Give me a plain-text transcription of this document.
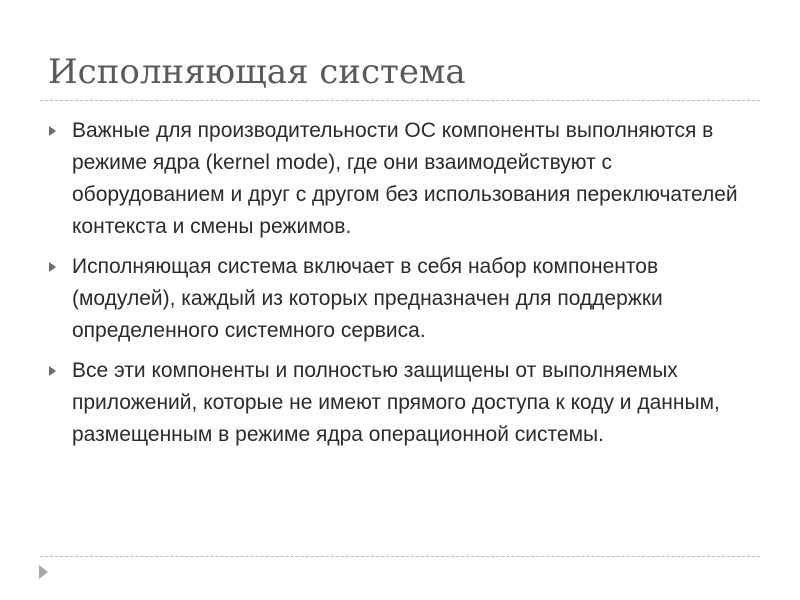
Исполняющая система
Важные для производительности ОС компоненты выполняются в режиме ядра (kernel mode), где они взаимодействуют с оборудованием и друг с другом без использования переключателей контекста и смены режимов.
Исполняющая система включает в себя набор компонентов (модулей), каждый из которых предназначен для поддержки определенного системного сервиса.
Все эти компоненты и полностью защищены от выполняемых приложений, которые не имеют прямого доступа к коду и данным, размещенным в режиме ядра операционной системы.
